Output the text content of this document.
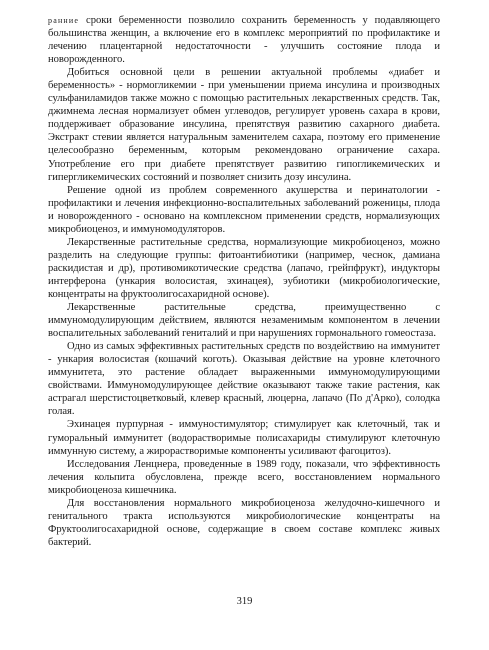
ранние сроки беременности позволило сохранить беременность у подавляющего большинства женщин, а включение его в комплекс мероприятий по профилактике и лечению плацентарной недостаточности - улучшить состояние плода и новорожденного.

Добиться основной цели в решении актуальной проблемы «диабет и беременность» - нормогликемии - при уменьшении приема инсулина и производных сульфаниламидов также можно с помощью растительных лекарственных средств. Так, джимнема лесная нормализует обмен углеводов, регулирует уровень сахара в крови, поддерживает образование инсулина, препятствуя развитию сахарного диабета. Экстракт стевии является натуральным заменителем сахара, поэтому его применение целесообразно беременным, которым рекомендовано ограничение сахара. Употребление его при диабете препятствует развитию гипогликемических и гипергликемических состояний и позволяет снизить дозу инсулина.

Решение одной из проблем современного акушерства и перинатологии - профилактики и лечения инфекционно-воспалительных заболеваний роженицы, плода и новорожденного - основано на комплексном применении средств, нормализующих микробиоценоз, и иммуномодуляторов.

Лекарственные растительные средства, нормализующие микробиоценоз, можно разделить на следующие группы: фитоантибиотики (например, чеснок, дамиана раскидистая и др), противомикотические средства (лапачо, грейпфрукт), индукторы интерферона (ункария волосистая, эхинацея), эубиотики (микробиологические, концентраты на фруктоолигосахаридной основе).

Лекарственные растительные средства, преимущественно с иммуномодулирующим действием, являются незаменимым компонентом в лечении воспалительных заболеваний гениталий и при нарушениях гормонального гомеостаза.

Одно из самых эффективных растительных средств по воздействию на иммунитет - ункария волосистая (кошачий коготь). Оказывая действие на уровне клеточного иммунитета, это растение обладает выраженными иммуномодулирующими свойствами. Иммуномодулирующее действие оказывают также такие растения, как астрагал шерстистоцветковый, клевер красный, люцерна, лапачо (По д'Арко), солодка голая.

Эхинацея пурпурная - иммуностимулятор; стимулирует как клеточный, так и гуморальный иммунитет (водорастворимые полисахариды стимулируют клеточную иммунную систему, а жирорастворимые компоненты усиливают фагоцитоз).

Исследования Ленцнера, проведенные в 1989 году, показали, что эффективность лечения кольпита обусловлена, прежде всего, восстановлением нормального микробиоценоза кишечника.

Для восстановления нормального микробиоценоза желудочно-кишечного и генитального тракта используются микробиологические концентраты на Фруктоолигосахаридной основе, содержащие в своем составе комплекс живых бактерий.

319
